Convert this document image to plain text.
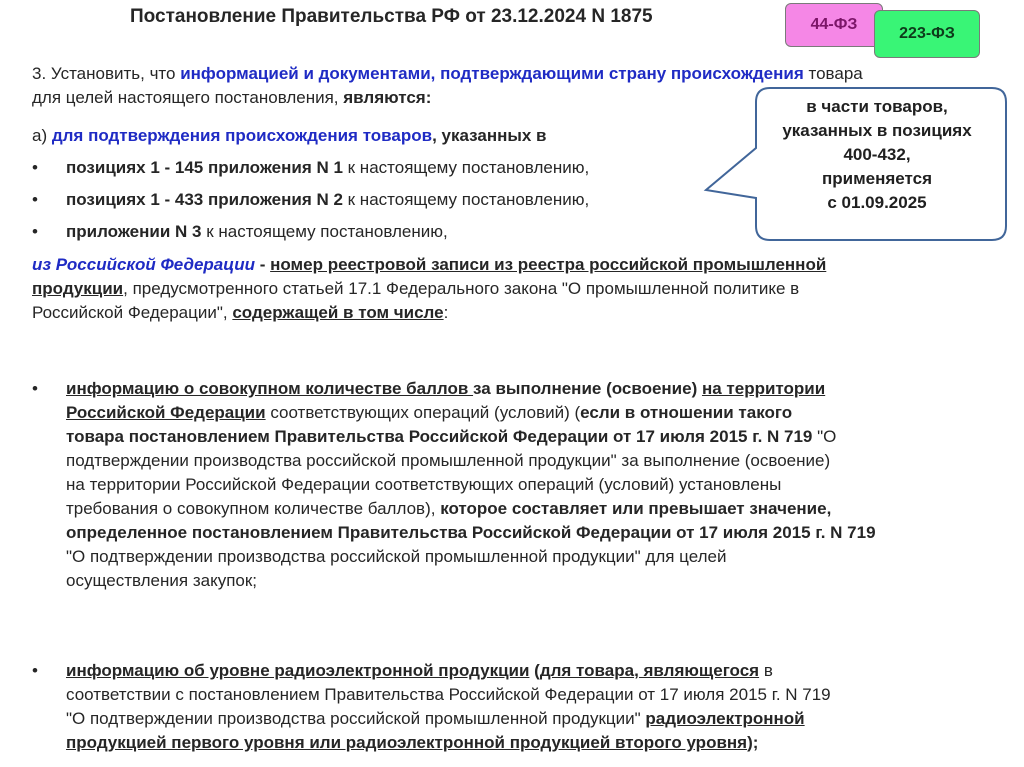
Постановление Правительства РФ от 23.12.2024 N 1875	44-ФЗ
223-ФЗ

в части товаров,
указанных в позициях
400-432,
применяется
с 01.09.2025

3. Установить, что информацией и документами, подтверждающими страну происхождения товара

для целей настоящего постановления, являются:

а) для подтверждения происхождения товаров, указанных в

• позициях 1 - 145 приложения N 1 к настоящему постановлению,

• позициях 1 - 433 приложения N 2 к настоящему постановлению,

• приложении N 3 к настоящему постановлению,

из Российской Федерации - номер реестровой записи из реестра российской промышленной

продукции, предусмотренного статьей 17.1 Федерального закона "О промышленной политике в

Российской Федерации", содержащей в том числе:

• информацию о совокупном количестве баллов за выполнение (освоение) на территории

Российской Федерации соответствующих операций (условий) (если в отношении такого

товара постановлением Правительства Российской Федерации от 17 июля 2015 г. N 719 "О

подтверждении производства российской промышленной продукции" за выполнение (освоение)

на территории Российской Федерации соответствующих операций (условий) установлены

требования о совокупном количестве баллов), которое составляет или превышает значение,

определенное постановлением Правительства Российской Федерации от 17 июля 2015 г. N 719

"О подтверждении производства российской промышленной продукции" для целей

осуществления закупок;

• информацию об уровне радиоэлектронной продукции (для товара, являющегося в

соответствии с постановлением Правительства Российской Федерации от 17 июля 2015 г. N 719

"О подтверждении производства российской промышленной продукции" радиоэлектронной

продукцией первого уровня или радиоэлектронной продукцией второго уровня);
